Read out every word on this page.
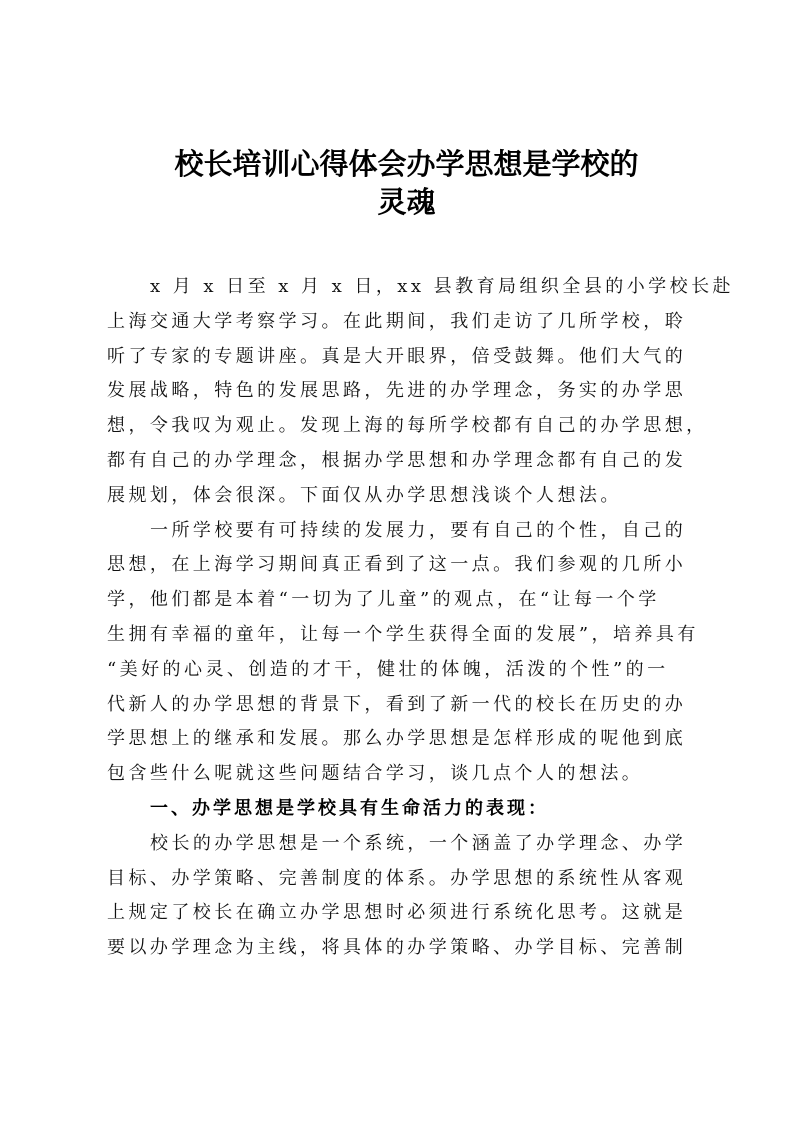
校长培训心得体会办学思想是学校的
灵魂
x 月 x 日至 x 月 x 日，xx 县教育局组织全县的小学校长赴
上海交通大学考察学习。在此期间，我们走访了几所学校，聆
听了专家的专题讲座。真是大开眼界，倍受鼓舞。他们大气的
发展战略，特色的发展思路，先进的办学理念，务实的办学思
想，令我叹为观止。发现上海的每所学校都有自己的办学思想，
都有自己的办学理念，根据办学思想和办学理念都有自己的发
展规划，体会很深。下面仅从办学思想浅谈个人想法。
一所学校要有可持续的发展力，要有自己的个性，自己的
思想，在上海学习期间真正看到了这一点。我们参观的几所小
学，他们都是本着“一切为了儿童”的观点，在“让每一个学
生拥有幸福的童年，让每一个学生获得全面的发展”，培养具有
“美好的心灵、创造的才干，健壮的体魄，活泼的个性”的一
代新人的办学思想的背景下，看到了新一代的校长在历史的办
学思想上的继承和发展。那么办学思想是怎样形成的呢他到底
包含些什么呢就这些问题结合学习，谈几点个人的想法。
一、办学思想是学校具有生命活力的表现：
校长的办学思想是一个系统，一个涵盖了办学理念、办学
目标、办学策略、完善制度的体系。办学思想的系统性从客观
上规定了校长在确立办学思想时必须进行系统化思考。这就是
要以办学理念为主线，将具体的办学策略、办学目标、完善制
